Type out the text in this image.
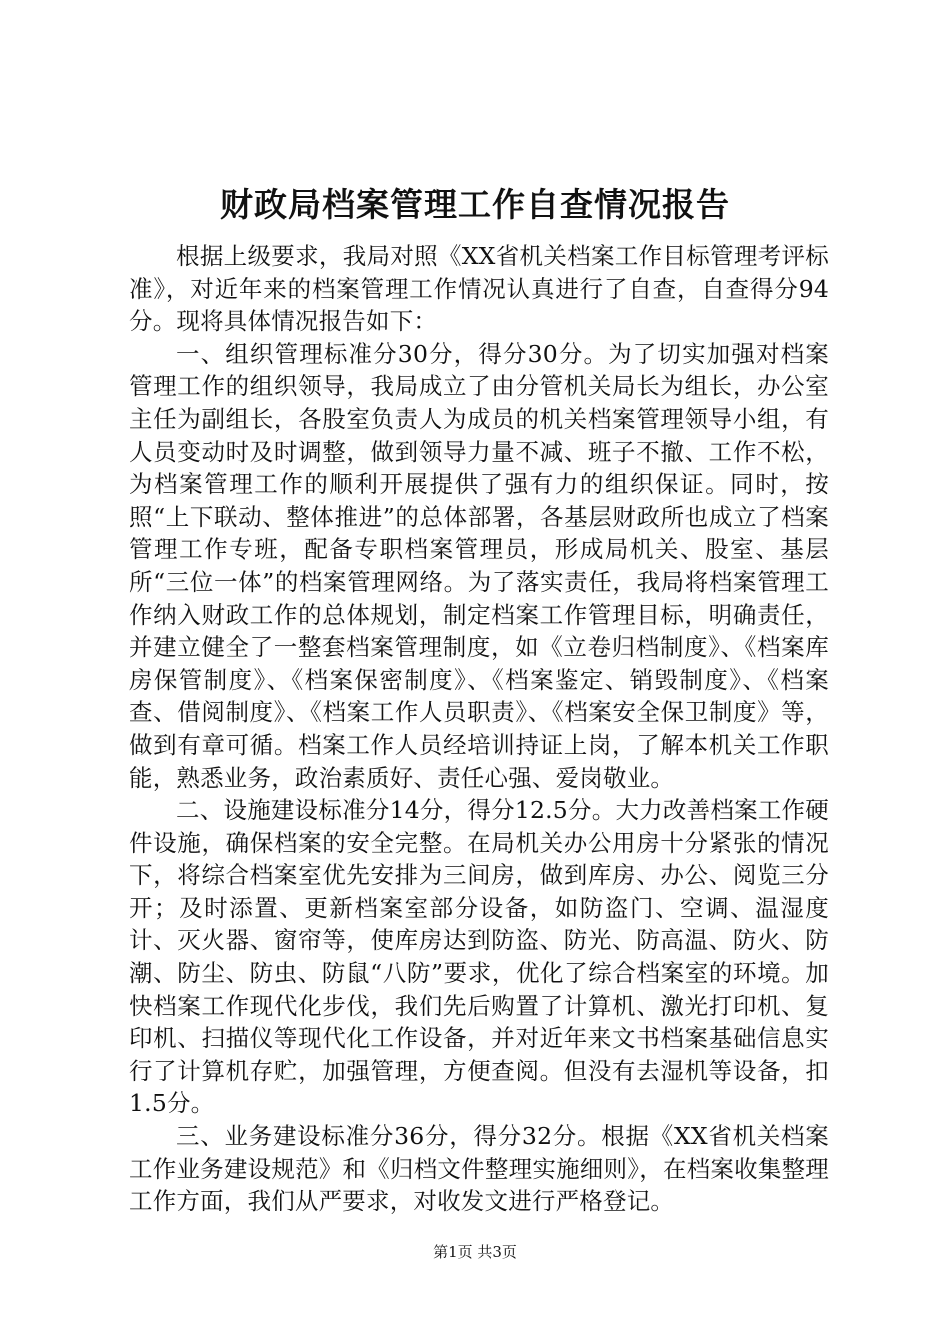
财政局档案管理工作自查情况报告

根据上级要求，我局对照《XX省机关档案工作目标管理考评标准》，对近年来的档案管理工作情况认真进行了自查，自查得分94分。现将具体情况报告如下：

一、组织管理标准分30分，得分30分。为了切实加强对档案管理工作的组织领导，我局成立了由分管机关局长为组长，办公室主任为副组长，各股室负责人为成员的机关档案管理领导小组，有人员变动时及时调整，做到领导力量不减、班子不撤、工作不松，为档案管理工作的顺利开展提供了强有力的组织保证。同时，按照“上下联动、整体推进”的总体部署，各基层财政所也成立了档案管理工作专班，配备专职档案管理员，形成局机关、股室、基层所“三位一体”的档案管理网络。为了落实责任，我局将档案管理工作纳入财政工作的总体规划，制定档案工作管理目标，明确责任，并建立健全了一整套档案管理制度，如《立卷归档制度》、《档案库房保管制度》、《档案保密制度》、《档案鉴定、销毁制度》、《档案查、借阅制度》、《档案工作人员职责》、《档案安全保卫制度》等，做到有章可循。档案工作人员经培训持证上岗，了解本机关工作职能，熟悉业务，政治素质好、责任心强、爱岗敬业。

二、设施建设标准分14分，得分12.5分。大力改善档案工作硬件设施，确保档案的安全完整。在局机关办公用房十分紧张的情况下，将综合档案室优先安排为三间房，做到库房、办公、阅览三分开；及时添置、更新档案室部分设备，如防盗门、空调、温湿度计、灭火器、窗帘等，使库房达到防盗、防光、防高温、防火、防潮、防尘、防虫、防鼠“八防”要求，优化了综合档案室的环境。加快档案工作现代化步伐，我们先后购置了计算机、激光打印机、复印机、扫描仪等现代化工作设备，并对近年来文书档案基础信息实行了计算机存贮，加强管理，方便查阅。但没有去湿机等设备，扣1.5分。

三、业务建设标准分36分，得分32分。根据《XX省机关档案工作业务建设规范》和《归档文件整理实施细则》，在档案收集整理工作方面，我们从严要求，对收发文进行严格登记。

第1页 共3页
